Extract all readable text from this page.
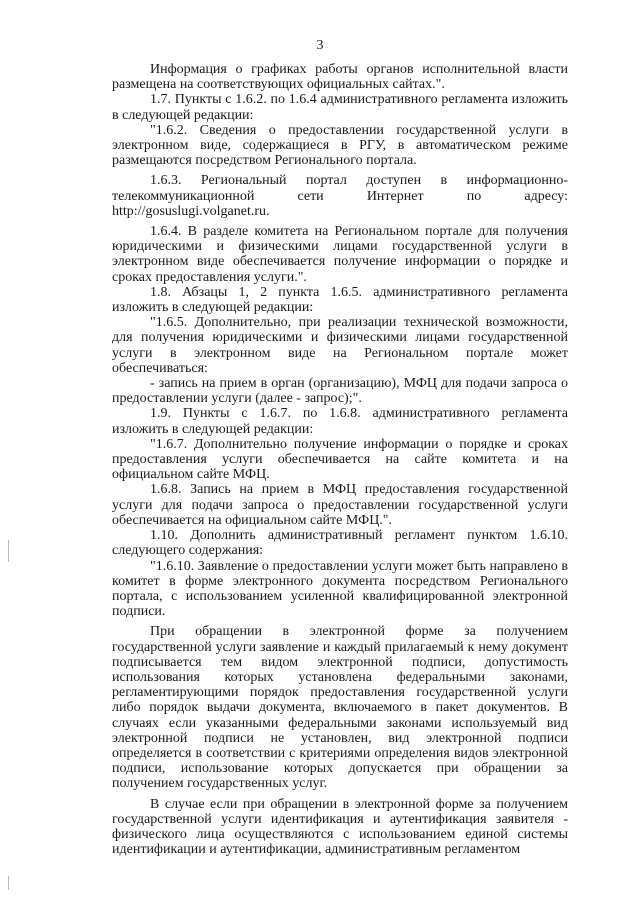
3

Информация о графиках работы органов исполнительной власти размещена на соответствующих официальных сайтах.".

1.7. Пункты с 1.6.2. по 1.6.4 административного регламента изложить в следующей редакции:

"1.6.2. Сведения о предоставлении государственной услуги в электронном виде, содержащиеся в РГУ, в автоматическом режиме размещаются посредством Регионального портала.

1.6.3. Региональный портал доступен в информационно-телекоммуникационной сети Интернет по адресу: http://gosuslugi.volganet.ru.

1.6.4. В разделе комитета на Региональном портале для получения юридическими и физическими лицами государственной услуги в электронном виде обеспечивается получение информации о порядке и сроках предоставления услуги.".

1.8. Абзацы 1, 2 пункта 1.6.5. административного регламента изложить в следующей редакции:

"1.6.5. Дополнительно, при реализации технической возможности, для получения юридическими и физическими лицами государственной услуги в электронном виде на Региональном портале может обеспечиваться:

- запись на прием в орган (организацию), МФЦ для подачи запроса о предоставлении услуги (далее - запрос);".

1.9. Пункты с 1.6.7. по 1.6.8. административного регламента изложить в следующей редакции:

"1.6.7. Дополнительно получение информации о порядке и сроках предоставления услуги обеспечивается на сайте комитета и на официальном сайте МФЦ.

1.6.8. Запись на прием в МФЦ предоставления государственной услуги для подачи запроса о предоставлении государственной услуги обеспечивается на официальном сайте МФЦ.".

1.10. Дополнить административный регламент пунктом 1.6.10. следующего содержания:

"1.6.10. Заявление о предоставлении услуги может быть направлено в комитет в форме электронного документа посредством Регионального портала, с использованием усиленной квалифицированной электронной подписи.

При обращении в электронной форме за получением государственной услуги заявление и каждый прилагаемый к нему документ подписывается тем видом электронной подписи, допустимость использования которых установлена федеральными законами, регламентирующими порядок предоставления государственной услуги либо порядок выдачи документа, включаемого в пакет документов. В случаях если указанными федеральными законами используемый вид электронной подписи не установлен, вид электронной подписи определяется в соответствии с критериями определения видов электронной подписи, использование которых допускается при обращении за получением государственных услуг.

В случае если при обращении в электронной форме за получением государственной услуги идентификация и аутентификация заявителя - физического лица осуществляются с использованием единой системы идентификации и аутентификации, административным регламентом
